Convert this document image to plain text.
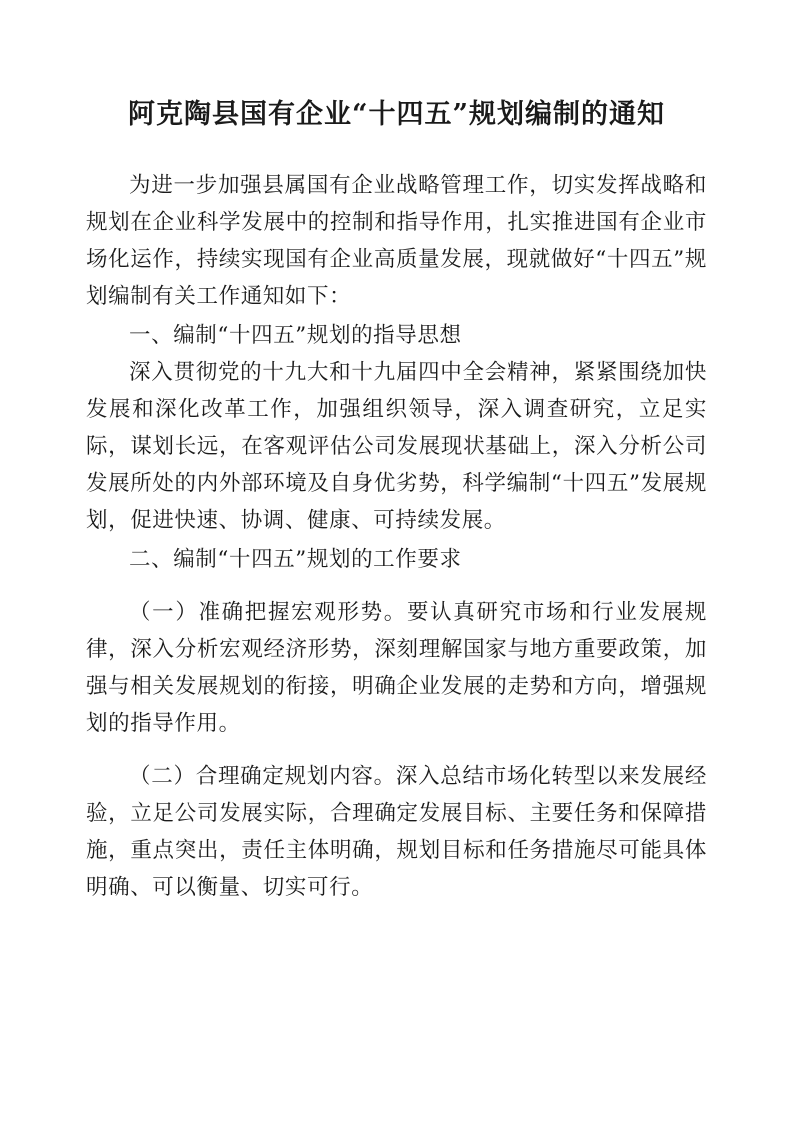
阿克陶县国有企业“十四五”规划编制的通知

为进一步加强县属国有企业战略管理工作，切实发挥战略和规划在企业科学发展中的控制和指导作用，扎实推进国有企业市场化运作，持续实现国有企业高质量发展，现就做好“十四五”规划编制有关工作通知如下：

一、编制“十四五”规划的指导思想

深入贯彻党的十九大和十九届四中全会精神，紧紧围绕加快发展和深化改革工作，加强组织领导，深入调查研究，立足实际，谋划长远，在客观评估公司发展现状基础上，深入分析公司发展所处的内外部环境及自身优劣势，科学编制“十四五”发展规划，促进快速、协调、健康、可持续发展。

二、编制“十四五”规划的工作要求

（一）准确把握宏观形势。要认真研究市场和行业发展规律，深入分析宏观经济形势，深刻理解国家与地方重要政策，加强与相关发展规划的衔接，明确企业发展的走势和方向，增强规划的指导作用。

（二）合理确定规划内容。深入总结市场化转型以来发展经验，立足公司发展实际，合理确定发展目标、主要任务和保障措施，重点突出，责任主体明确，规划目标和任务措施尽可能具体明确、可以衡量、切实可行。
